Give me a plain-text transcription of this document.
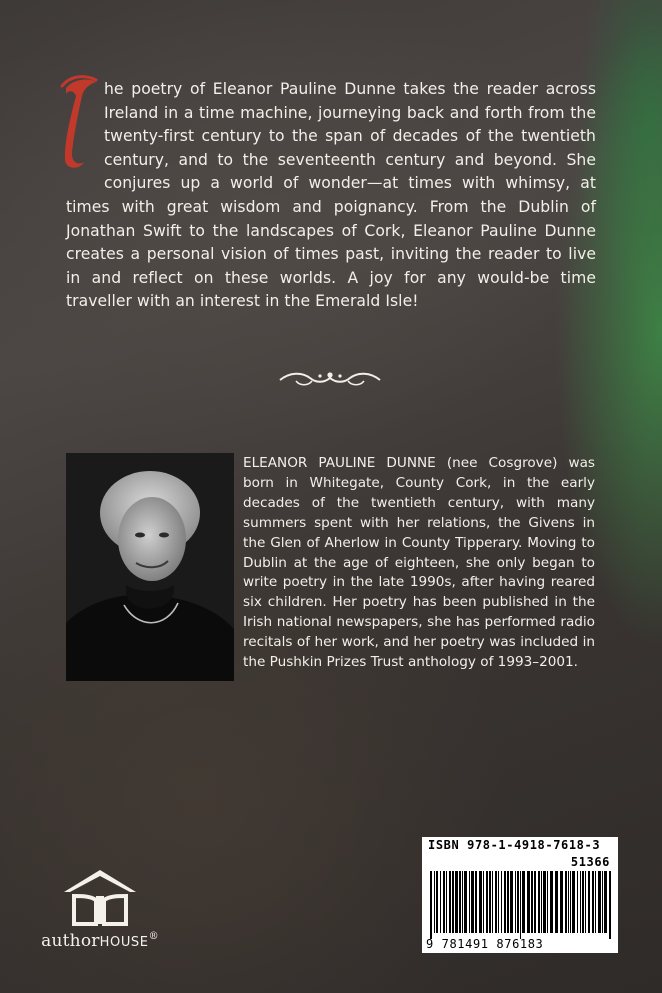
he poetry of Eleanor Pauline Dunne takes the reader across Ireland in a time machine, journeying back and forth from the twenty-first century to the span of decades of the twentieth century, and to the seventeenth century and beyond. She conjures up a world of wonder—at times with whimsy, at times with great wisdom and poignancy. From the Dublin of Jonathan Swift to the landscapes of Cork, Eleanor Pauline Dunne creates a personal vision of times past, inviting the reader to live in and reflect on these worlds. A joy for any would-be time traveller with an interest in the Emerald Isle!
ELEANOR PAULINE DUNNE (nee Cosgrove) was born in Whitegate, County Cork, in the early decades of the twentieth century, with many summers spent with her relations, the Givens in the Glen of Aherlow in County Tipperary. Moving to Dublin at the age of eighteen, she only began to write poetry in the late 1990s, after having reared six children. Her poetry has been published in the Irish national newspapers, she has performed radio recitals of her work, and her poetry was included in the Pushkin Prizes Trust anthology of 1993–2001.
ISBN 978-1-4918-7618-3
51366
9 781491 876183
authorHOUSE®
